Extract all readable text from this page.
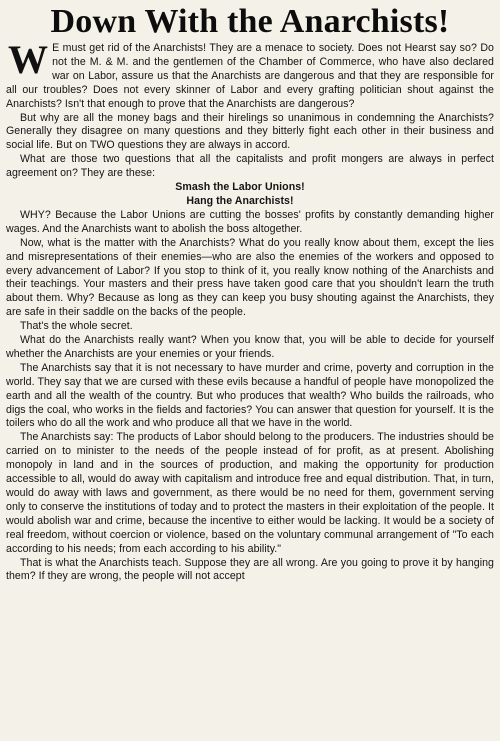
Down With the Anarchists!

W E must get rid of the Anarchists! They are a menace to society. Does not Hearst say so? Do not the M. & M. and the gentlemen of the Chamber of Commerce, who have also declared war on Labor, assure us that the Anarchists are dangerous and that they are responsible for all our troubles? Does not every skinner of Labor and every grafting politician shout against the Anarchists? Isn't that enough to prove that the Anarchists are dangerous?

But why are all the money bags and their hirelings so unanimous in condemning the Anarchists? Generally they disagree on many questions and they bitterly fight each other in their business and social life. But on TWO questions they are always in accord.

What are those two questions that all the capitalists and profit mongers are always in perfect agreement on? They are these:

Smash the Labor Unions!
Hang the Anarchists!

WHY? Because the Labor Unions are cutting the bosses' profits by constantly demanding higher wages. And the Anarchists want to abolish the boss altogether.

Now, what is the matter with the Anarchists? What do you really know about them, except the lies and misrepresentations of their enemies—who are also the enemies of the workers and opposed to every advancement of Labor? If you stop to think of it, you really know nothing of the Anarchists and their teachings. Your masters and their press have taken good care that you shouldn't learn the truth about them. Why? Because as long as they can keep you busy shouting against the Anarchists, they are safe in their saddle on the backs of the people.

That's the whole secret.

What do the Anarchists really want? When you know that, you will be able to decide for yourself whether the Anarchists are your enemies or your friends.

The Anarchists say that it is not necessary to have murder and crime, poverty and corruption in the world. They say that we are cursed with these evils because a handful of people have monopolized the earth and all the wealth of the country. But who produces that wealth? Who builds the railroads, who digs the coal, who works in the fields and factories? You can answer that question for yourself. It is the toilers who do all the work and who produce all that we have in the world.

The Anarchists say: The products of Labor should belong to the producers. The industries should be carried on to minister to the needs of the people instead of for profit, as at present. Abolishing monopoly in land and in the sources of production, and making the opportunity for production accessible to all, would do away with capitalism and introduce free and equal distribution. That, in turn, would do away with laws and government, as there would be no need for them, government serving only to conserve the institutions of today and to protect the masters in their exploitation of the people. It would abolish war and crime, because the incentive to either would be lacking. It would be a society of real freedom, without coercion or violence, based on the voluntary communal arrangement of "To each according to his needs; from each according to his ability."

That is what the Anarchists teach. Suppose they are all wrong. Are you going to prove it by hanging them? If they are wrong, the people will not accept
